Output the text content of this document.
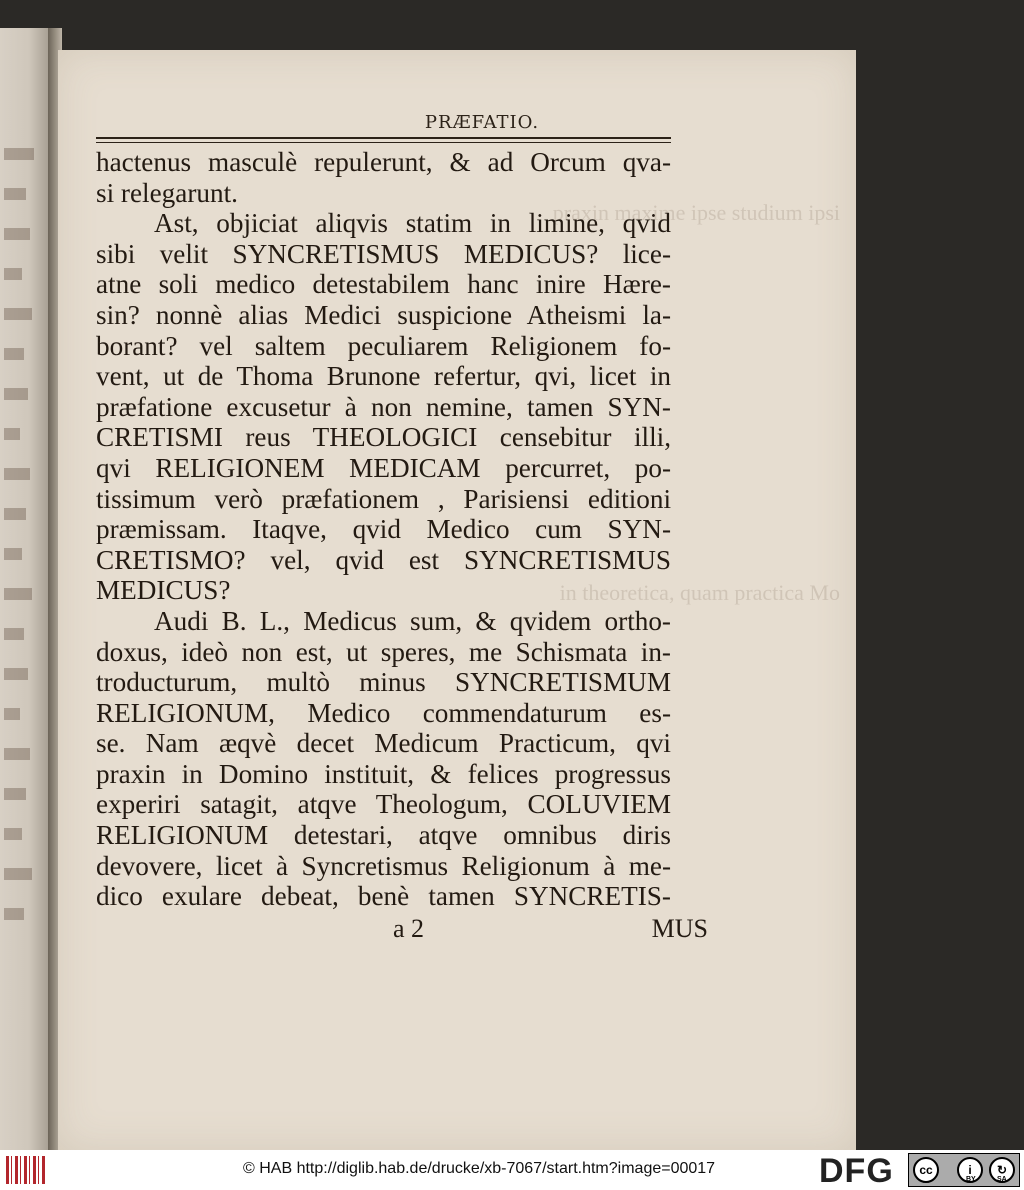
praxin maxime ipse studium ipsi
in theoretica, quam practica Mo
PRÆFATIO.
hactenus masculè repulerunt, & ad Orcum qva-
si relegarunt.
Ast, objiciat aliqvis statim in limine, qvid
sibi velit SYNCRETISMUS MEDICUS? lice-
atne soli medico detestabilem hanc inire Hære-
sin? nonnè alias Medici suspicione Atheismi la-
borant? vel saltem peculiarem Religionem fo-
vent, ut de Thoma Brunone refertur, qvi, licet in
præfatione excusetur à non nemine, tamen SYN-
CRETISMI reus THEOLOGICI censebitur illi,
qvi RELIGIONEM MEDICAM percurret, po-
tissimum verò præfationem , Parisiensi editioni
præmissam. Itaqve, qvid Medico cum SYN-
CRETISMO? vel, qvid est SYNCRETISMUS
MEDICUS?
Audi B. L., Medicus sum, & qvidem ortho-
doxus, ideò non est, ut speres, me Schismata in-
troducturum, multò minus SYNCRETISMUM
RELIGIONUM, Medico commendaturum es-
se. Nam æqvè decet Medicum Practicum, qvi
praxin in Domino instituit, & felices progressus
experiri satagit, atqve Theologum, COLUVIEM
RELIGIONUM detestari, atqve omnibus diris
devovere, licet à Syncretismus Religionum à me-
dico exulare debeat, benè tamen SYNCRETIS-
a 2	MUS
© HAB http://diglib.hab.de/drucke/xb-7067/start.htm?image=00017	DFG	cc	i	↻
BY	SA
